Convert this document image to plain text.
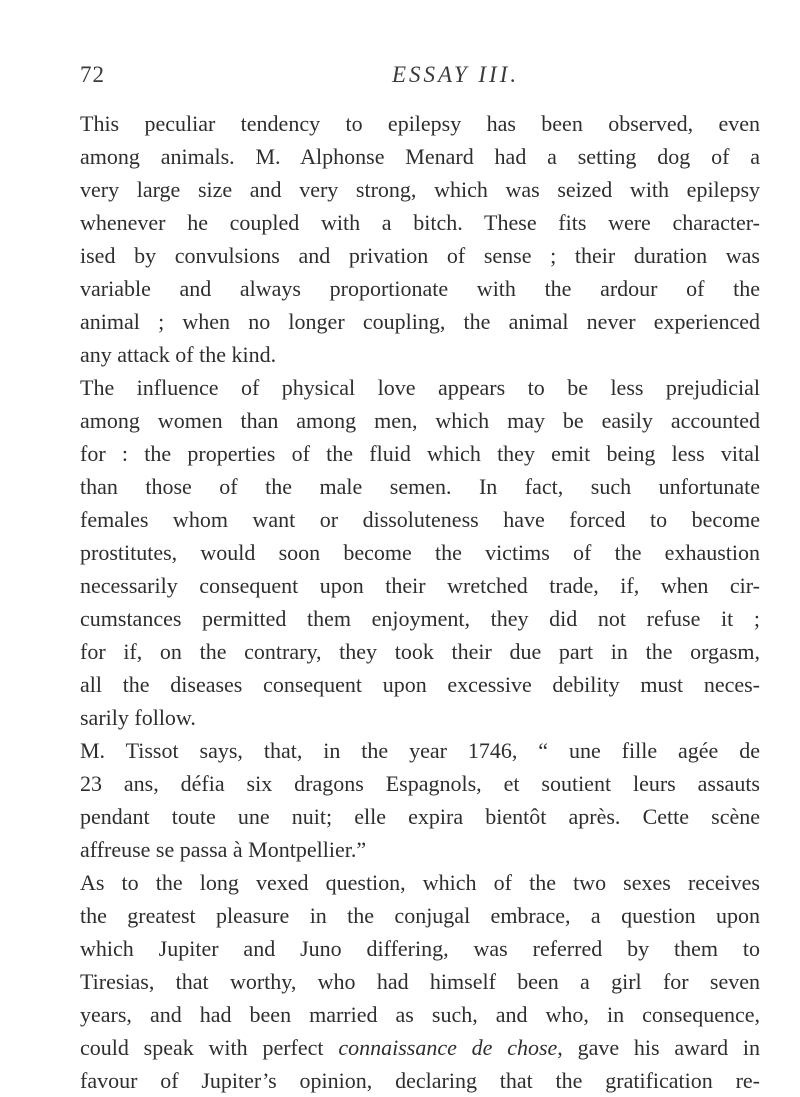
72	ESSAY III.
This peculiar tendency to epilepsy has been observed, even
among animals. M. Alphonse Menard had a setting dog of a
very large size and very strong, which was seized with epilepsy
whenever he coupled with a bitch. These fits were character-
ised by convulsions and privation of sense ; their duration was
variable and always proportionate with the ardour of the
animal ; when no longer coupling, the animal never experienced
any attack of the kind.
The influence of physical love appears to be less prejudicial
among women than among men, which may be easily accounted
for : the properties of the fluid which they emit being less vital
than those of the male semen. In fact, such unfortunate
females whom want or dissoluteness have forced to become
prostitutes, would soon become the victims of the exhaustion
necessarily consequent upon their wretched trade, if, when cir-
cumstances permitted them enjoyment, they did not refuse it ;
for if, on the contrary, they took their due part in the orgasm,
all the diseases consequent upon excessive debility must neces-
sarily follow.
M. Tissot says, that, in the year 1746, “ une fille agée de
23 ans, défia six dragons Espagnols, et soutient leurs assauts
pendant toute une nuit; elle expira bientôt après. Cette scène
affreuse se passa à Montpellier.”
As to the long vexed question, which of the two sexes receives
the greatest pleasure in the conjugal embrace, a question upon
which Jupiter and Juno differing, was referred by them to
Tiresias, that worthy, who had himself been a girl for seven
years, and had been married as such, and who, in consequence,
could speak with perfect connaissance de chose, gave his award in
favour of Jupiter’s opinion, declaring that the gratification re-
